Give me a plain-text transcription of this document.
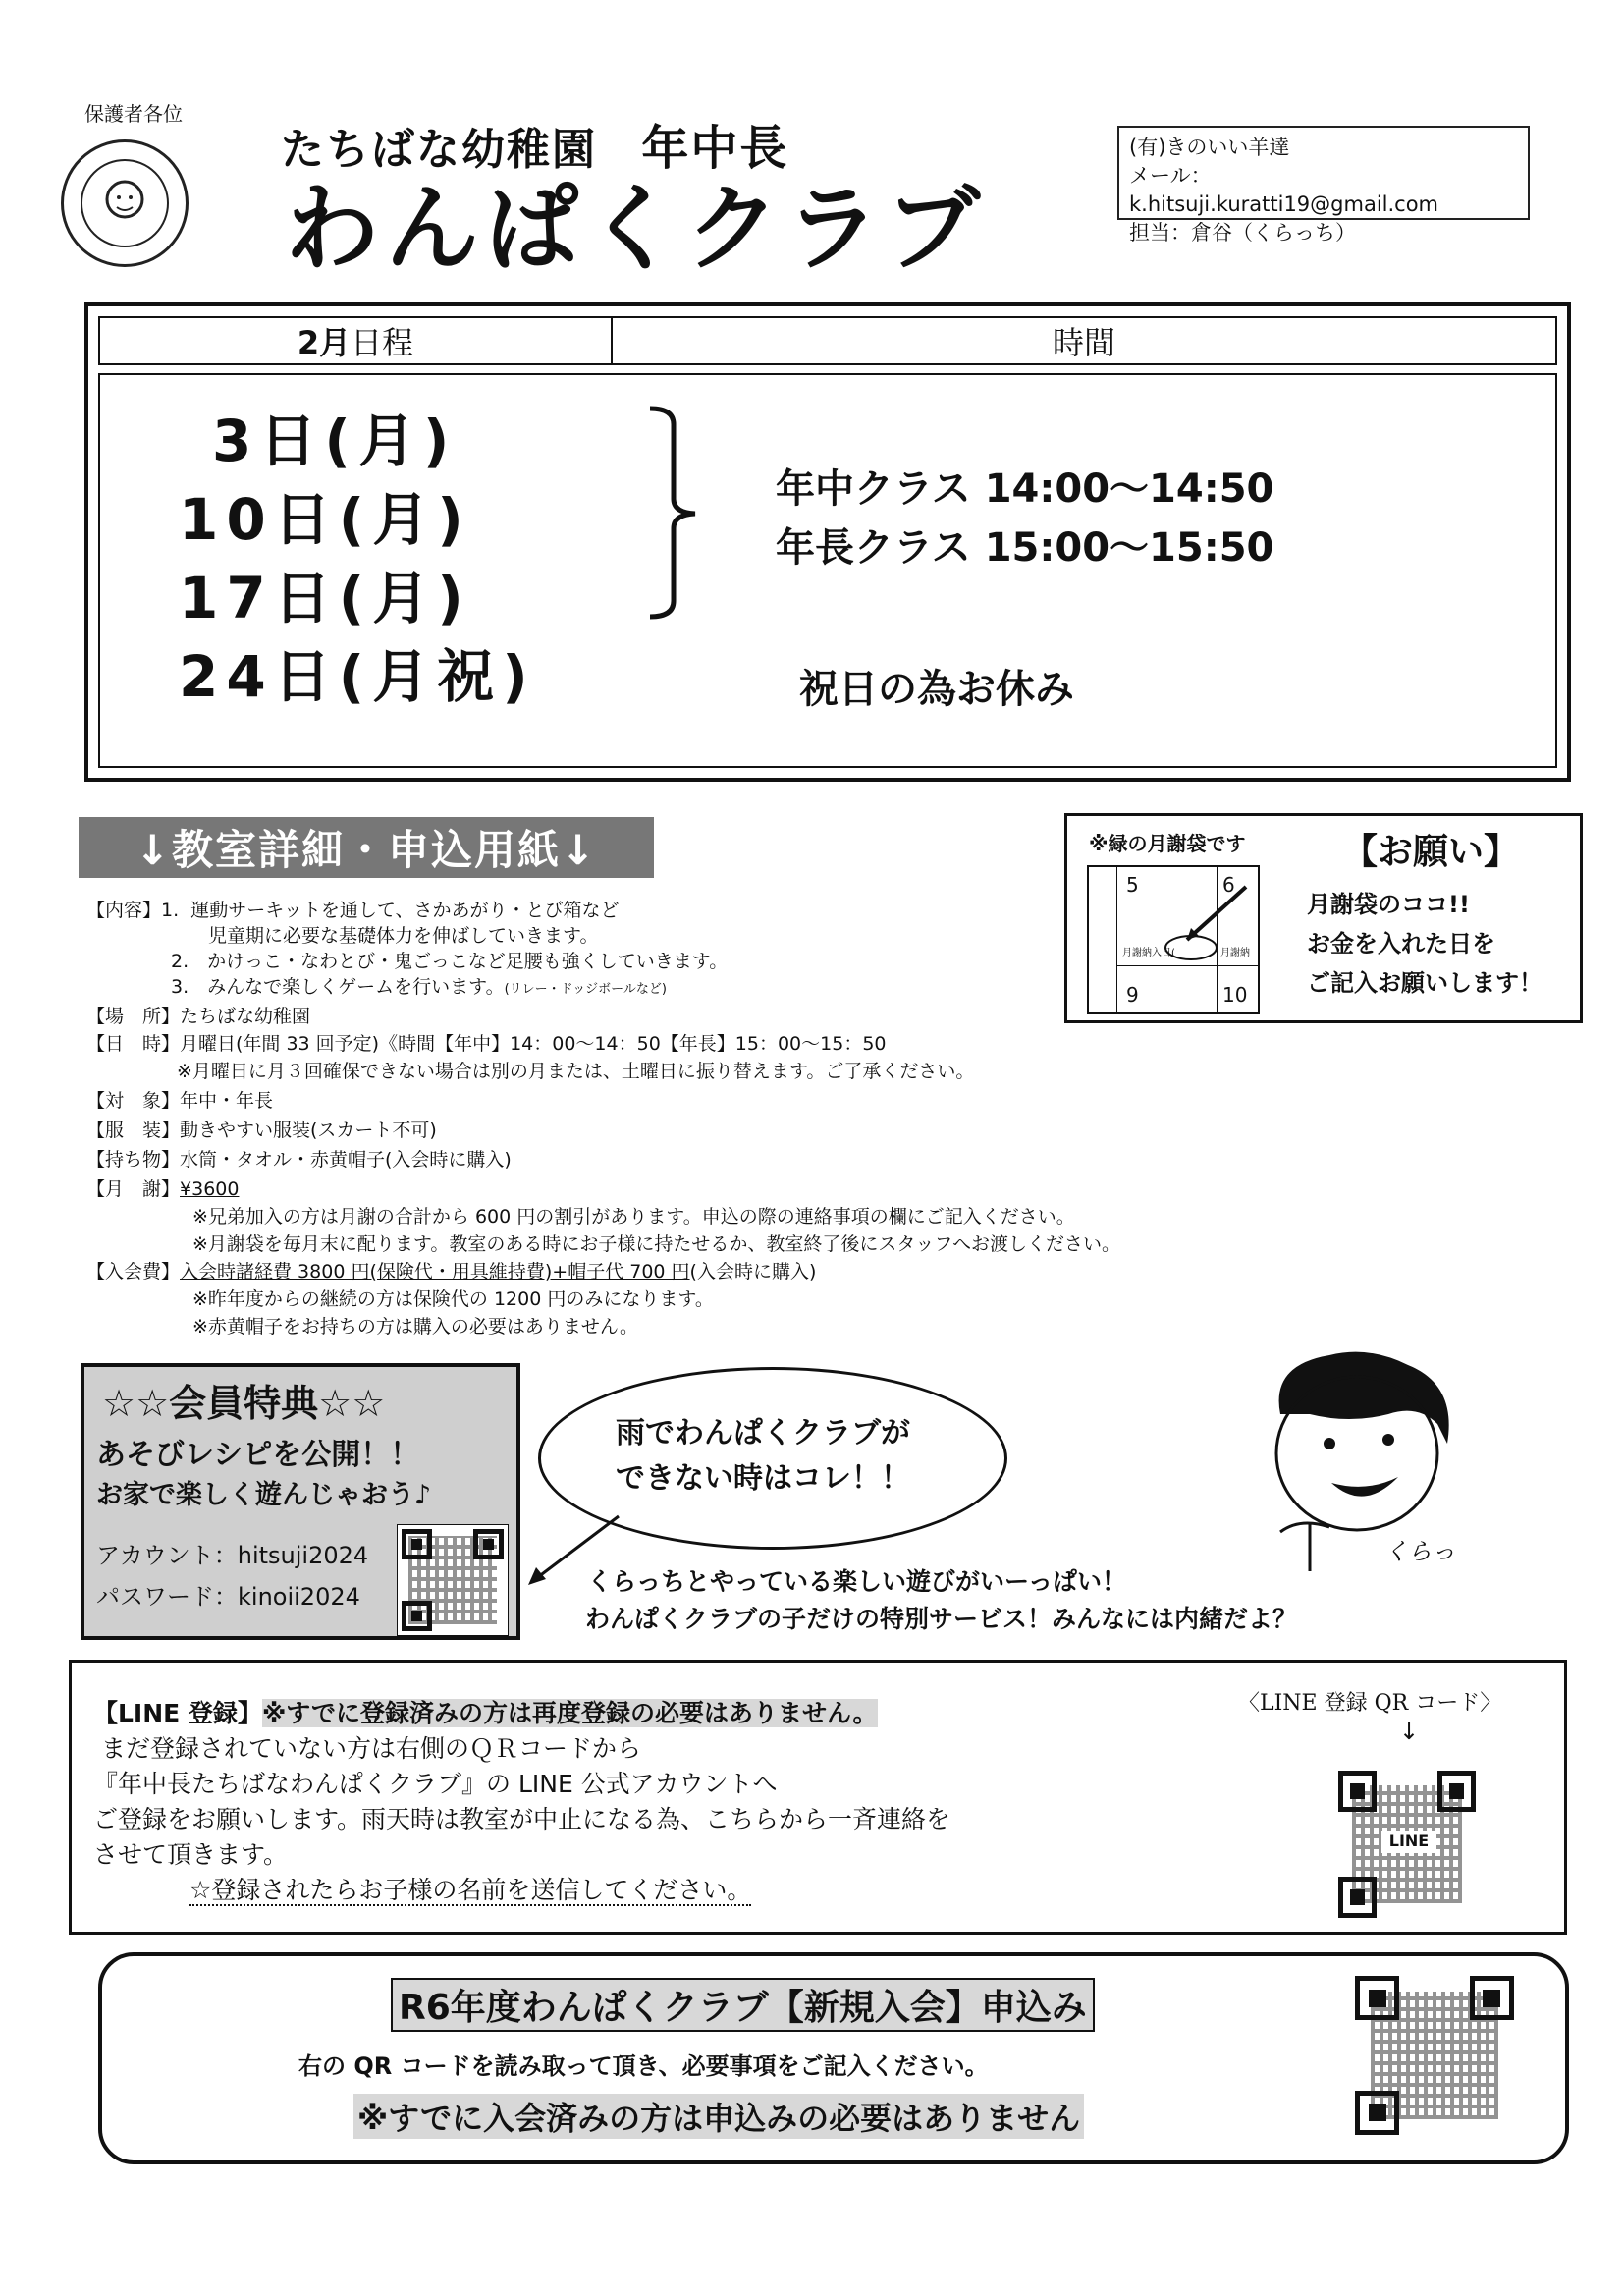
保護者各位
たちばな幼稚園 年中長
わんぱくクラブ
(有)きのいい羊達
メール：k.hitsuji.kuratti19@gmail.com
担当：倉谷（くらっち）
2月 日程	時間
3日(月)
10日(月)
17日(月)
24日(月祝)
年中クラス 14:00～14:50
年長クラス 15:00～15:50
祝日の為お休み
↓教室詳細・申込用紙↓
【内容】1. 運動サーキットを通して、さかあがり・とび箱など
児童期に必要な基礎体力を伸ばしていきます。
2.　かけっこ・なわとび・鬼ごっこなど足腰も強くしていきます。
3.　みんなで楽しくゲームを行います。(リレー・ドッジボールなど)
【場　所】たちばな幼稚園
【日　時】月曜日(年間 33 回予定)《時間【年中】14：00～14：50【年長】15：00～15：50
※月曜日に月３回確保できない場合は別の月または、土曜日に振り替えます。ご了承ください。
【対　象】年中・年長
【服　装】動きやすい服装(スカート不可)
【持ち物】水筒・タオル・赤黄帽子(入会時に購入)
【月　謝】¥3600
※兄弟加入の方は月謝の合計から 600 円の割引があります。申込の際の連絡事項の欄にご記入ください。
※月謝袋を毎月末に配ります。教室のある時にお子様に持たせるか、教室終了後にスタッフへお渡しください。
【入会費】入会時諸経費 3800 円(保険代・用具維持費)+帽子代 700 円(入会時に購入)
※昨年度からの継続の方は保険代の 1200 円のみになります。
※赤黄帽子をお持ちの方は購入の必要はありません。
※緑の月謝袋です
5	6
9	10
月謝納入日(	月謝納
【お願い】
月謝袋のココ!!
お金を入れた日を
ご記入お願いします！
☆☆会員特典☆☆
あそびレシピを公開！！
お家で楽しく遊んじゃおう♪
アカウント：hitsuji2024
パスワード：kinoii2024
雨でわんぱくクラブが
できない時はコレ！！
くらっ
くらっちとやっている楽しい遊びがいーっぱい！
わんぱくクラブの子だけの特別サービス！みんなには内緒だよ？
【LINE 登録】※すでに登録済みの方は再度登録の必要はありません。
まだ登録されていない方は右側のＱＲコードから
『年中長たちばなわんぱくクラブ』の LINE 公式アカウントへ
ご登録をお願いします。雨天時は教室が中止になる為、こちらから一斉連絡を
させて頂きます。
☆登録されたらお子様の名前を送信してください。
〈LINE 登録 QR コード〉
↓
LINE
R6年度わんぱくクラブ【新規入会】申込み
右の QR コードを読み取って頂き、必要事項をご記入ください。
※すでに入会済みの方は申込みの必要はありません
